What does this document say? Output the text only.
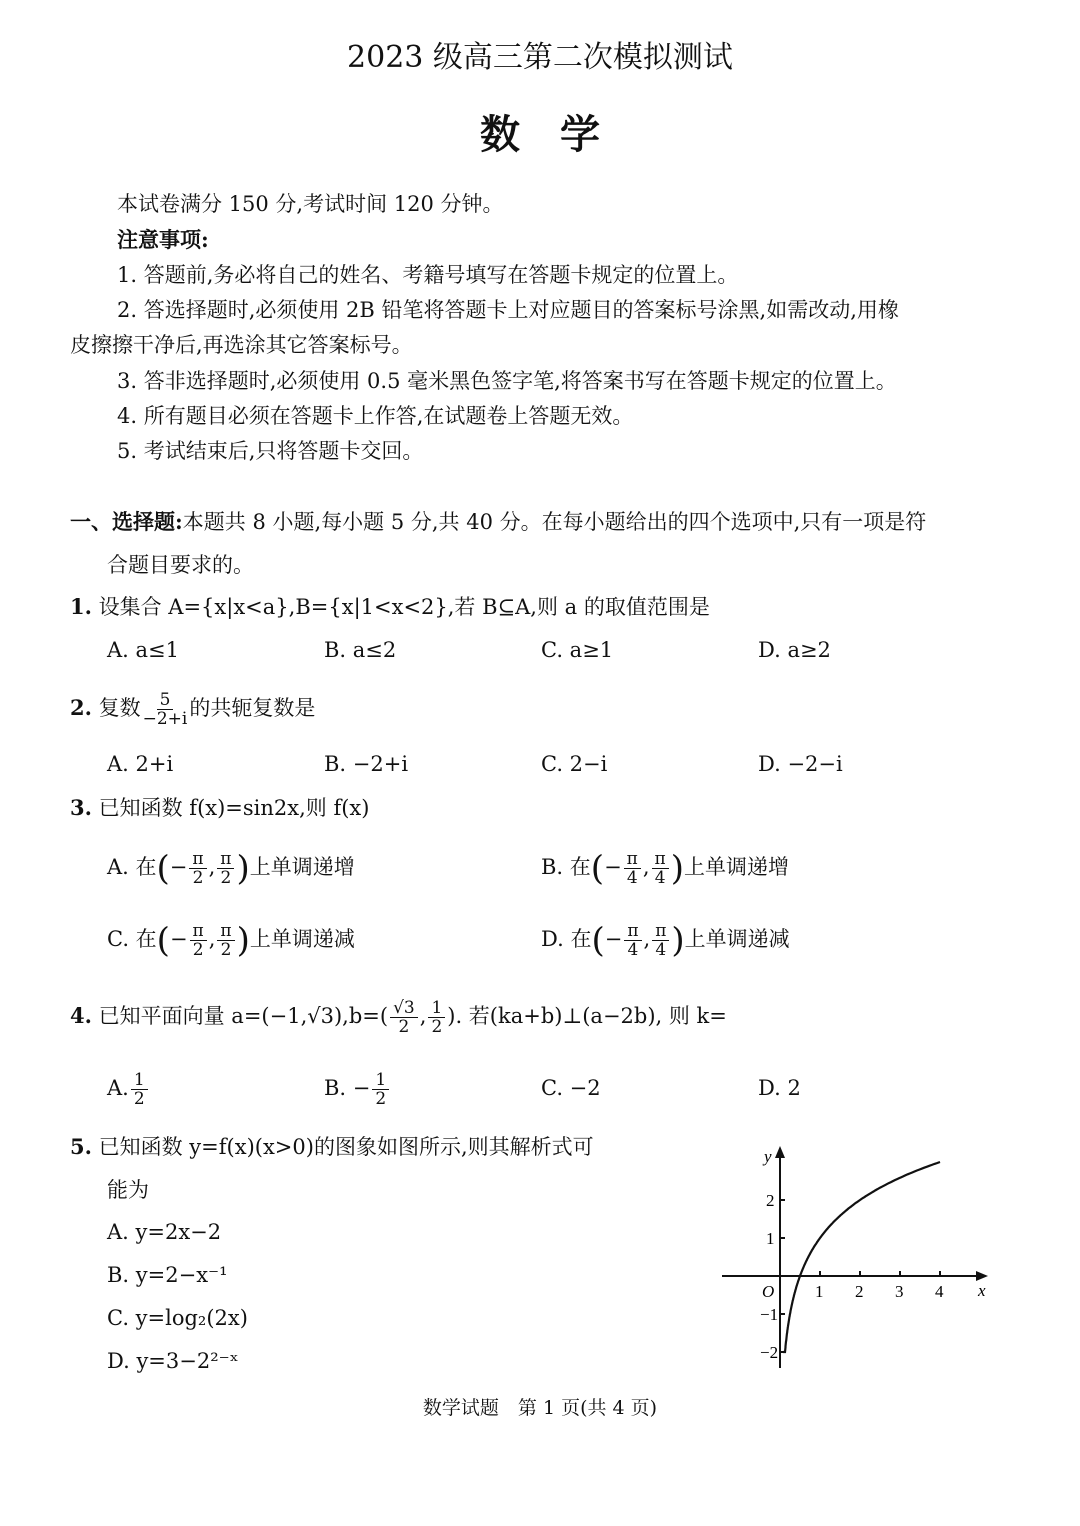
2023 级高三第二次模拟测试
数　学
本试卷满分 150 分,考试时间 120 分钟。
注意事项:
1. 答题前,务必将自己的姓名、考籍号填写在答题卡规定的位置上。
2. 答选择题时,必须使用 2B 铅笔将答题卡上对应题目的答案标号涂黑,如需改动,用橡
皮擦擦干净后,再选涂其它答案标号。
3. 答非选择题时,必须使用 0.5 毫米黑色签字笔,将答案书写在答题卡规定的位置上。
4. 所有题目必须在答题卡上作答,在试题卷上答题无效。
5. 考试结束后,只将答题卡交回。
一、选择题:本题共 8 小题,每小题 5 分,共 40 分。在每小题给出的四个选项中,只有一项是符
合题目要求的。
1. 设集合 A={x|x<a},B={x|1<x<2},若 B⊆A,则 a 的取值范围是
A. a≤1	B. a≤2	C. a≥1	D. a≥2
2. 复数 $\frac{5}{-2+i}$ 的共轭复数是
A. 2+i	B. −2+i	C. 2−i	D. −2−i
3. 已知函数 f(x)=sin2x,则 f(x)
A. 在(− $\frac{\pi}{2}$ , $\frac{\pi}{2}$ )上单调递增	B. 在(− $\frac{\pi}{4}$ , $\frac{\pi}{4}$ )上单调递增
C. 在(− $\frac{\pi}{2}$ , $\frac{\pi}{2}$ )上单调递减	D. 在(− $\frac{\pi}{4}$ , $\frac{\pi}{4}$ )上单调递减
4. 已知平面向量 $a=(-1,√3),b=( \frac{√3}{2}$ , $\frac{1}{2}$ ). 若(ka+b)⊥(a−2b), 则 k=
A. $\frac{1}{2}$	B. − $\frac{1}{2}$	C. −2	D. 2
5. 已知函数 y=f(x)(x>0)的图象如图所示,则其解析式可
能为
A. y=2x−2
B. y=2−x⁻¹
C. y=log₂(2x)
D. y=3−2²⁻ˣ
y
x
O 1 2 3 4
2
1
−1
−2
数学试题　第 1 页(共 4 页)
